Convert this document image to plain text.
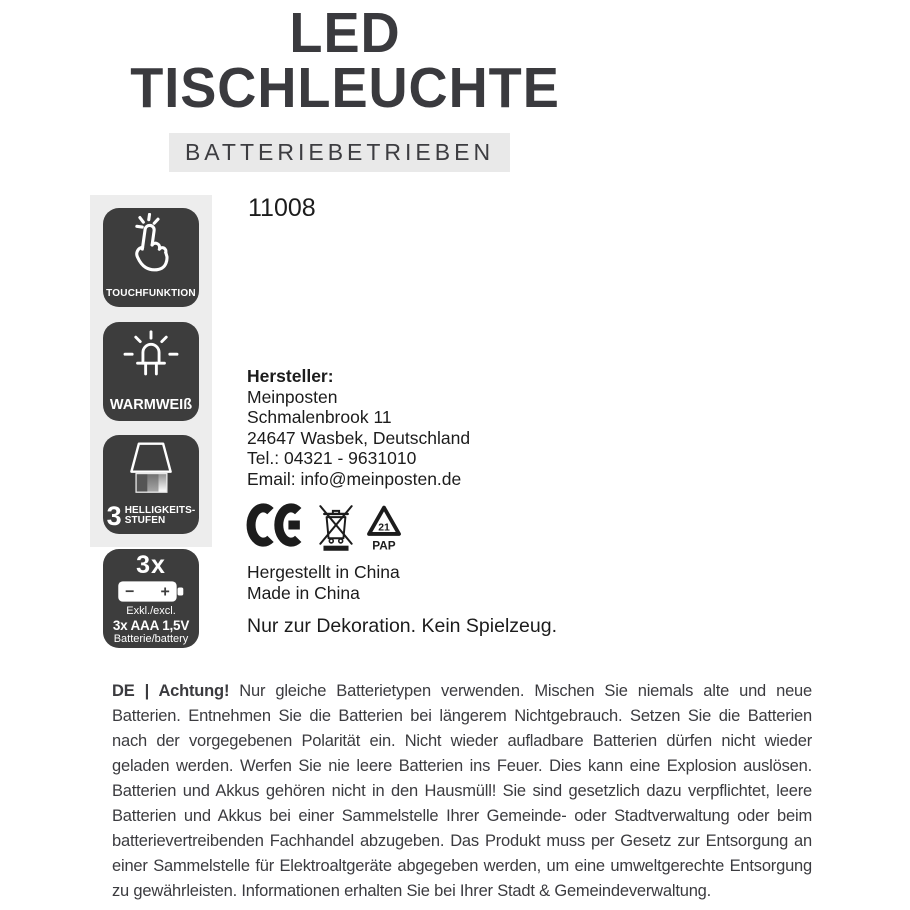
LED
TISCHLEUCHTE
BATTERIEBETRIEBEN
11008
TOUCHFUNKTION
WARMWEIß
3 HELLIGKEITS-
STUFEN
3x
− +
Exkl./excl.
3x AAA 1,5V
Batterie/battery
Hersteller:
Meinposten
Schmalenbrook 11
24647 Wasbek, Deutschland
Tel.: 04321 - 9631010
Email: info@meinposten.de
21
PAP
Hergestellt in China
Made in China
Nur zur Dekoration. Kein Spielzeug.

DE | Achtung! Nur gleiche Batterietypen verwenden. Mischen Sie niemals alte und neue Batterien. Entnehmen Sie die Batterien bei längerem Nichtgebrauch. Setzen Sie die Batterien nach der vorgegebenen Polarität ein. Nicht wieder aufladbare Batterien dürfen nicht wieder geladen werden. Werfen Sie nie leere Batterien ins Feuer. Dies kann eine Explosion auslösen. Batterien und Akkus gehören nicht in den Hausmüll! Sie sind gesetzlich dazu verpflichtet, leere Batterien und Akkus bei einer Sammelstelle Ihrer Gemeinde- oder Stadtverwaltung oder beim batterievertreibenden Fachhandel abzugeben. Das Produkt muss per Gesetz zur Entsorgung an einer Sammelstelle für Elektroaltgeräte abgegeben werden, um eine umweltgerechte Entsorgung zu gewährleisten. Informationen erhalten Sie bei Ihrer Stadt & Gemeindeverwaltung.
